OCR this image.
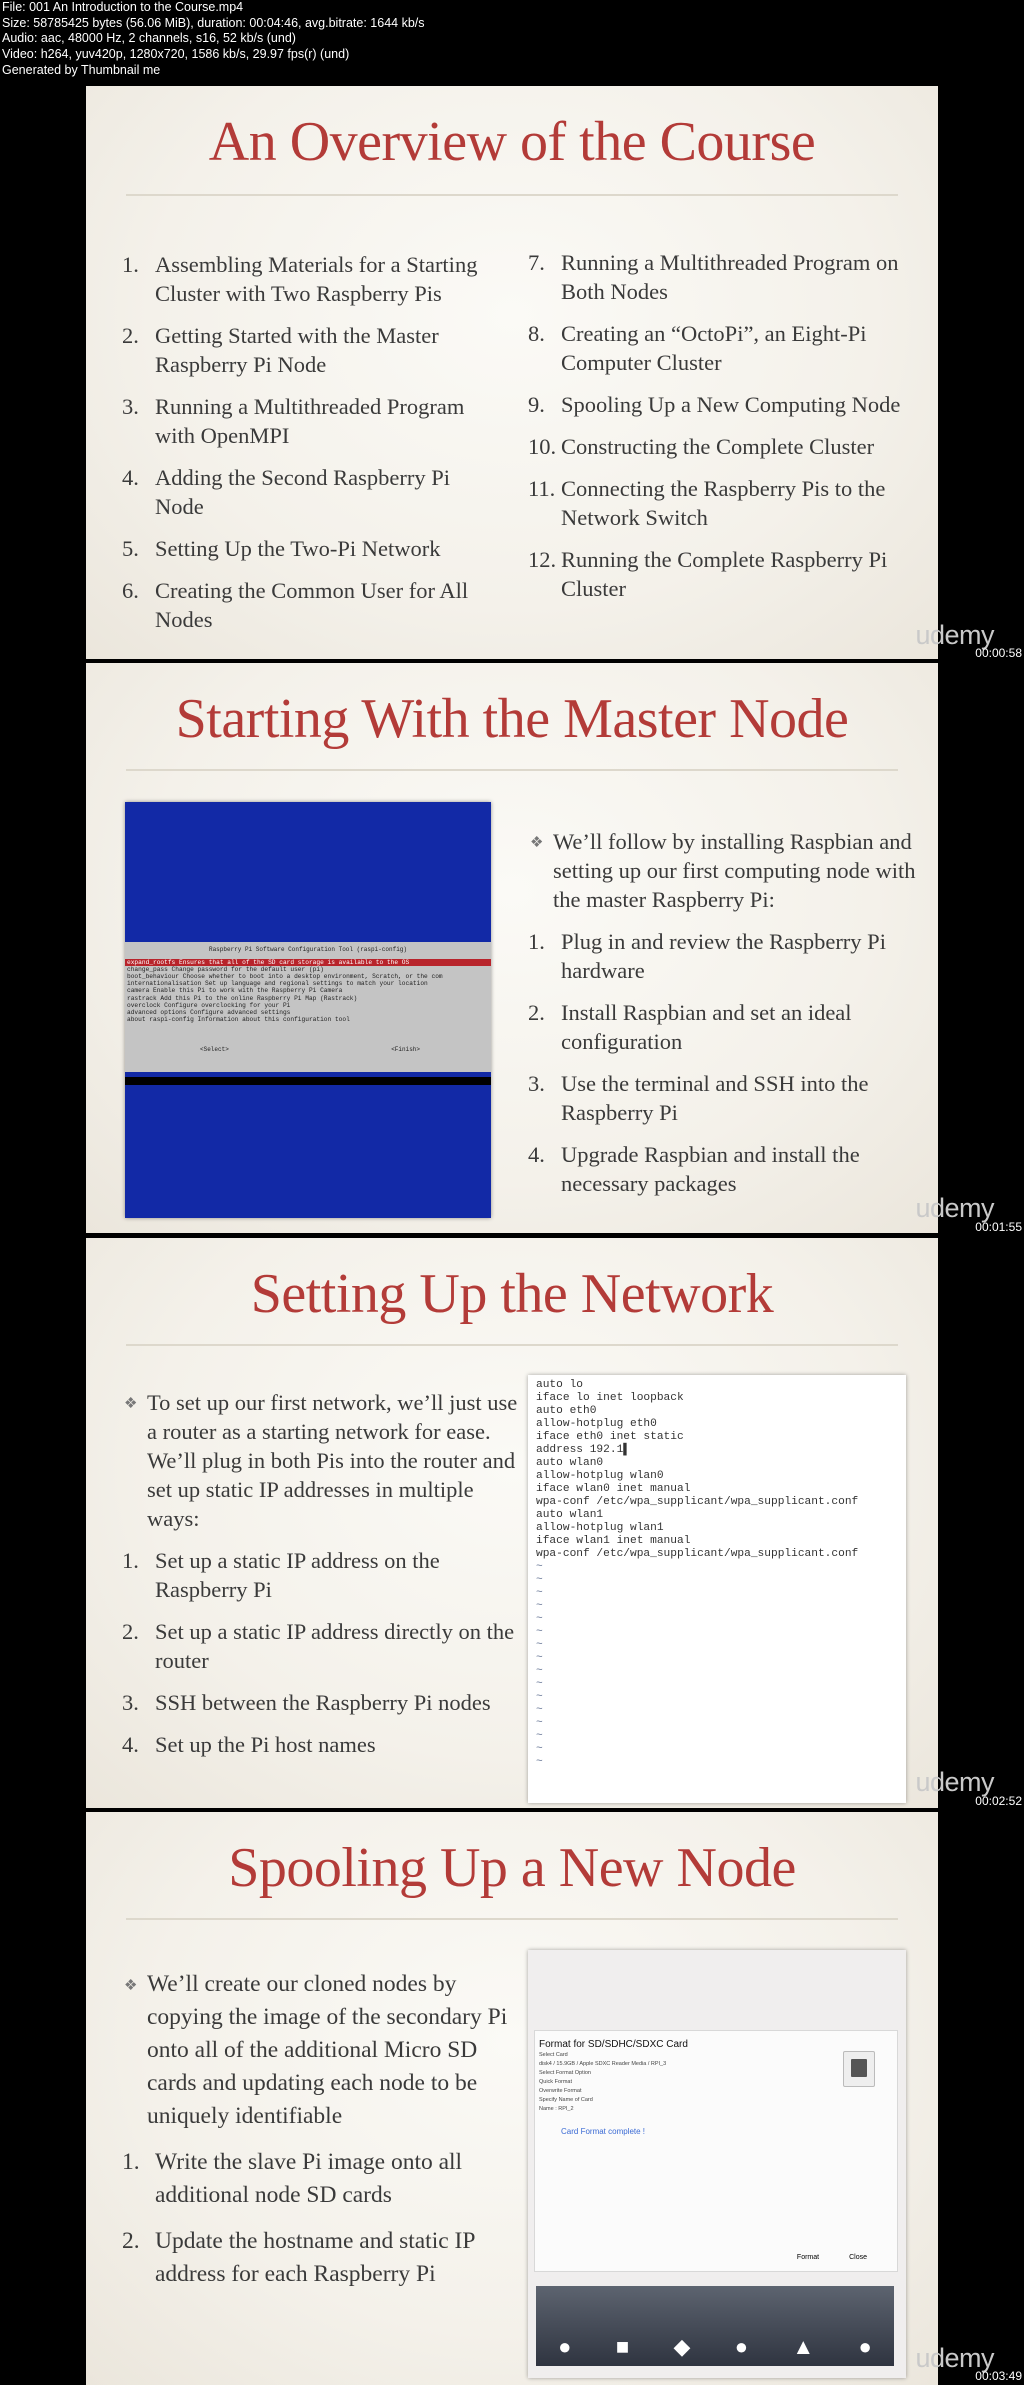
File: 001 An Introduction to the Course.mp4
Size: 58785425 bytes (56.06 MiB), duration: 00:04:46, avg.bitrate: 1644 kb/s
Audio: aac, 48000 Hz, 2 channels, s16, 52 kb/s (und)
Video: h264, yuv420p, 1280x720, 1586 kb/s, 29.97 fps(r) (und)
Generated by Thumbnail me
An Overview of the Course
1. Assembling Materials for a Starting Cluster with Two Raspberry Pis
2. Getting Started with the Master Raspberry Pi Node
3. Running a Multithreaded Program with OpenMPI
4. Adding the Second Raspberry Pi Node
5. Setting Up the Two-Pi Network
6. Creating the Common User for All Nodes
7. Running a Multithreaded Program on Both Nodes
8. Creating an “OctoPi”, an Eight-Pi Computer Cluster
9. Spooling Up a New Computing Node
10. Constructing the Complete Cluster
11. Connecting the Raspberry Pis to the Network Switch
12. Running the Complete Raspberry Pi Cluster
udemy
00:00:58
Starting With the Master Node
❖ We’ll follow by installing Raspbian and setting up our first computing node with the master Raspberry Pi:
1. Plug in and review the Raspberry Pi hardware
2. Install Raspbian and set an ideal configuration
3. Use the terminal and SSH into the Raspberry Pi
4. Upgrade Raspbian and install the necessary packages
Raspberry Pi Software Configuration Tool (raspi-config)
expand_rootfs Ensures that all of the SD card storage is available to the OS
change_pass Change password for the default user (pi)
boot_behaviour Choose whether to boot into a desktop environment, Scratch, or the com
internationalisation Set up language and regional settings to match your location
camera Enable this Pi to work with the Raspberry Pi Camera
rastrack Add this Pi to the online Raspberry Pi Map (Rastrack)
overclock Configure overclocking for your Pi
advanced options Configure advanced settings
about raspi-config Information about this configuration tool
<Select>	<Finish>
udemy
00:01:55
Setting Up the Network
❖ To set up our first network, we’ll just use a router as a starting network for ease. We’ll plug in both Pis into the router and set up static IP addresses in multiple ways:
1. Set up a static IP address on the Raspberry Pi
2. Set up a static IP address directly on the router
3. SSH between the Raspberry Pi nodes
4. Set up the Pi host names
auto lo
iface lo inet loopback
auto eth0
allow-hotplug eth0
iface eth0 inet static
address 192.1▌
auto wlan0
allow-hotplug wlan0
iface wlan0 inet manual
wpa-conf /etc/wpa_supplicant/wpa_supplicant.conf
auto wlan1
allow-hotplug wlan1
iface wlan1 inet manual
wpa-conf /etc/wpa_supplicant/wpa_supplicant.conf
~
~
~
~
~
~
~
~
~
~
~
~
~
~
~
~
udemy
00:02:52
Spooling Up a New Node
❖ We’ll create our cloned nodes by copying the image of the secondary Pi onto all of the additional Micro SD cards and updating each node to be uniquely identifiable
1. Write the slave Pi image onto all additional node SD cards
2. Update the hostname and static IP address for each Raspberry Pi
Format for SD/SDHC/SDXC Card
Select Card
disk4 / 15.9GB / Apple SDXC Reader Media / RPI_3
Select Format Option
Quick Format
Overwrite Format
Specify Name of Card
Name : RPI_2
Card Format complete !
Format	Close
● ■ ◆ ● ▲ ● udemy
00:03:49
